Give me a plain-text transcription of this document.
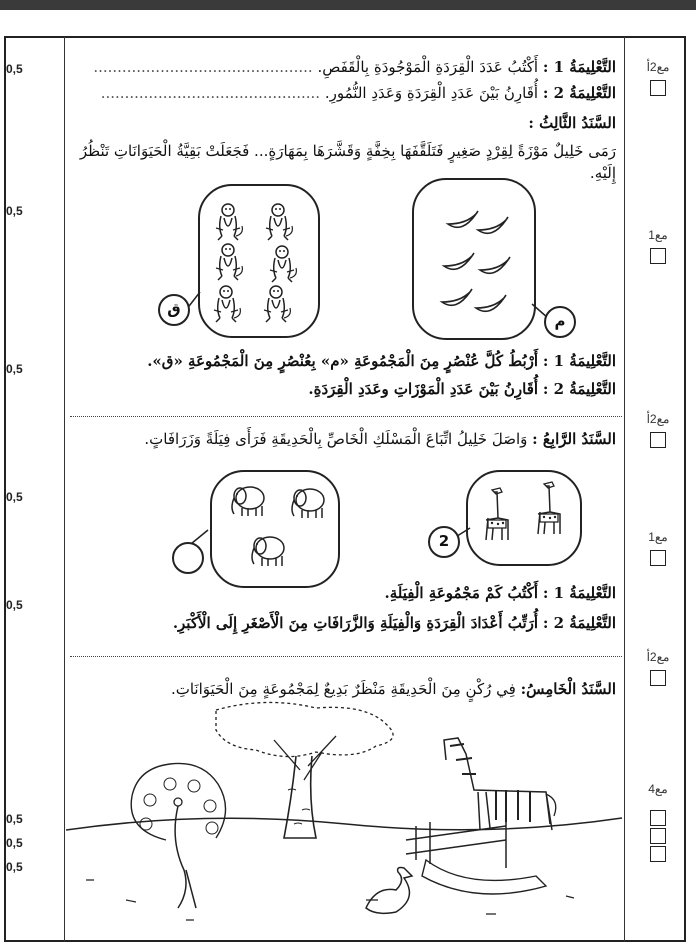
0,5
0,5
0,5
0,5
0,5
0,5
0,5
0,5
مع2أ
مع1
مع2أ
مع1
مع2أ
مع4
التَّعْلِيمَةُ 1 : أَكْتُبُ عَدَدَ الْقِرَدَةِ الْمَوْجُودَةِ بِالْقَفَصِ. ..............................................
التَّعْلِيمَةُ 2 : أُقَارِنُ بَيْنَ عَدَدِ الْقِرَدَةِ وَعَدَدِ النُّمُورِ. ..............................................
السَّنَدُ الثَّالِثُ :
رَمَى خَلِيلٌ مَوْزَةً لِقِرْدٍ صَغِيرٍ فَتَلَقَّفَهَا بِخِفَّةٍ وَقَشَّرَهَا بِمَهَارَةٍ... فَجَعَلَتْ بَقِيَّةُ الْحَيَوَانَاتِ تَنْظُرُ إِلَيْهِ.
ق
م
التَّعْلِيمَةُ 1 : أَرْبُطُ كُلَّ عُنْصُرٍ مِنَ الْمَجْمُوعَةِ «م» بِعُنْصُرٍ مِنَ الْمَجْمُوعَةِ «ق».
التَّعْلِيمَةُ 2 : أُقَارِنُ بَيْنَ عَدَدِ الْمَوْزَاتِ وعَدَدِ الْقِرَدَةِ.
السَّنَدُ الرَّابِعُ : وَاصَلَ خَلِيلُ اتِّبَاعَ الْمَسْلَكِ الْخَاصِّ بِالْحَدِيقَةِ فَرَأَى فِيَلَةً وَزَرَافَاتٍ.
2
التَّعْلِيمَةُ 1 : أَكْتُبُ كَمْ مَجْمُوعَةِ الْفِيَلَةِ.
التَّعْلِيمَةُ 2 : أُرَتِّبُ أَعْدَادَ الْقِرَدَةِ وَالْفِيَلَةِ وَالزَّرَافَاتِ مِنَ الْأَصْغَرِ إِلَى الْأَكْبَرِ.
السَّنَدُ الْخَامِسُ: فِي رُكْنٍ مِنَ الْحَدِيقَةِ مَنْظَرٌ بَدِيعٌ لِمَجْمُوعَةٍ مِنَ الْحَيَوَانَاتِ.
